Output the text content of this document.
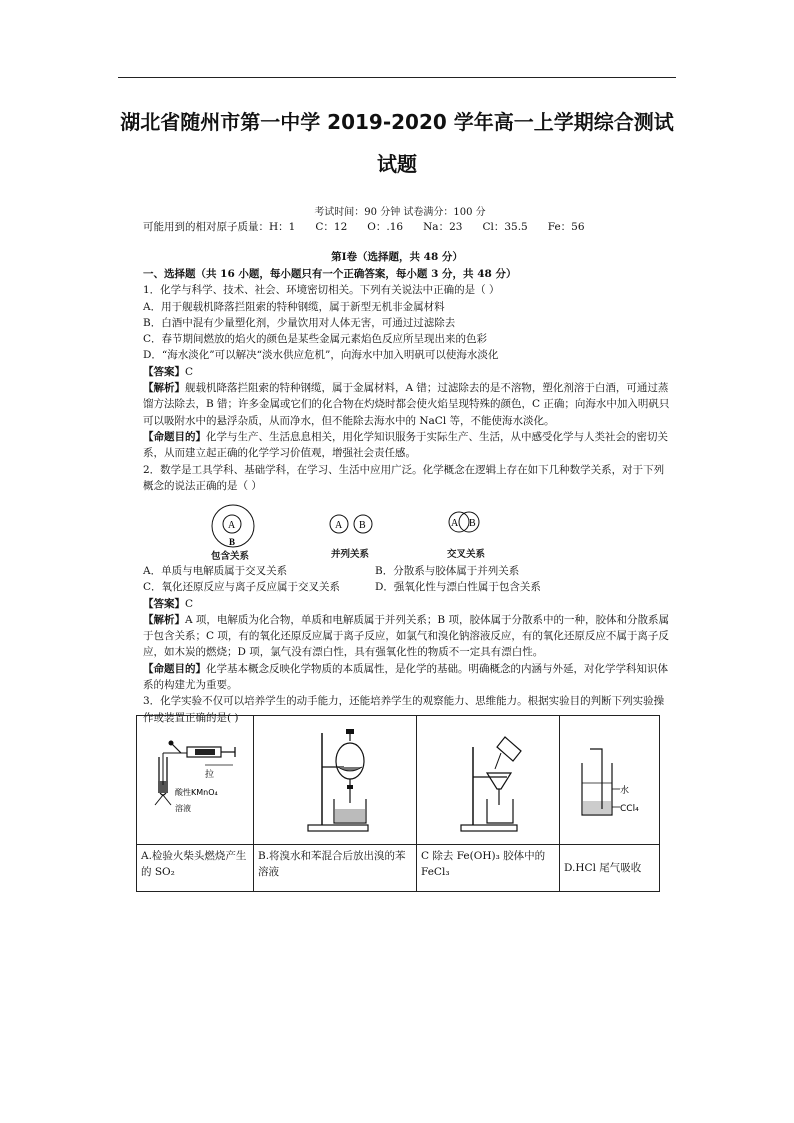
湖北省随州市第一中学 2019-2020 学年高一上学期综合测试
试题
考试时间：90 分钟 试卷满分：100 分
可能用到的相对原子质量：H：1      C：12      O：.16      Na：23      Cl：35.5      Fe：56
第Ⅰ卷（选择题，共 48 分）

一、选择题（共 16 小题，每小题只有一个正确答案，每小题 3 分，共 48 分）

1．化学与科学、技术、社会、环境密切相关。下列有关说法中正确的是（ ）

A．用于舰载机降落拦阻索的特种钢缆，属于新型无机非金属材料

B．白酒中混有少量塑化剂，少量饮用对人体无害，可通过过滤除去

C．春节期间燃放的焰火的颜色是某些金属元素焰色反应所呈现出来的色彩

D．“海水淡化”可以解决“淡水供应危机”，向海水中加入明矾可以使海水淡化

【答案】C

【解析】舰载机降落拦阻索的特种钢缆，属于金属材料，A 错；过滤除去的是不溶物，塑化剂溶于白酒，可通过蒸馏方法除去，B 错；许多金属或它们的化合物在灼烧时都会使火焰呈现特殊的颜色，C 正确；向海水中加入明矾只可以吸附水中的悬浮杂质，从而净水，但不能除去海水中的 NaCl 等，不能使海水淡化。

【命题目的】化学与生产、生活息息相关，用化学知识服务于实际生产、生活，从中感受化学与人类社会的密切关系，从而建立起正确的化学学习价值观，增强社会责任感。

2．数学是工具学科、基础学科，在学习、生活中应用广泛。化学概念在逻辑上存在如下几种数学关系，对于下列概念的说法正确的是（ ）

A
B
A B	A B
包含关系	并列关系	交叉关系

A．单质与电解质属于交叉关系	B．分散系与胶体属于并列关系

C．氧化还原反应与离子反应属于交叉关系	D．强氧化性与漂白性属于包含关系

【答案】C

【解析】A 项，电解质为化合物，单质和电解质属于并列关系；B 项，胶体属于分散系中的一种，胶体和分散系属于包含关系；C 项，有的氧化还原反应属于离子反应，如氯气和溴化钠溶液反应，有的氧化还原反应不属于离子反应，如木炭的燃烧；D 项，氯气没有漂白性，具有强氧化性的物质不一定具有漂白性。

【命题目的】化学基本概念反映化学物质的本质属性，是化学的基础。明确概念的内涵与外延，对化学学科知识体系的构建尤为重要。

3．化学实验不仅可以培养学生的动手能力，还能培养学生的观察能力、思维能力。根据实验目的判断下列实验操作或装置正确的是( )

拉
酸性KMnO₄
溶液			水
CCl₄

A.检验火柴头燃烧产生的 SO₂	B.将溴水和苯混合后放出溴的苯溶液	C 除去 Fe(OH)₃ 胶体中的 FeCl₃	D.HCl 尾气吸收
